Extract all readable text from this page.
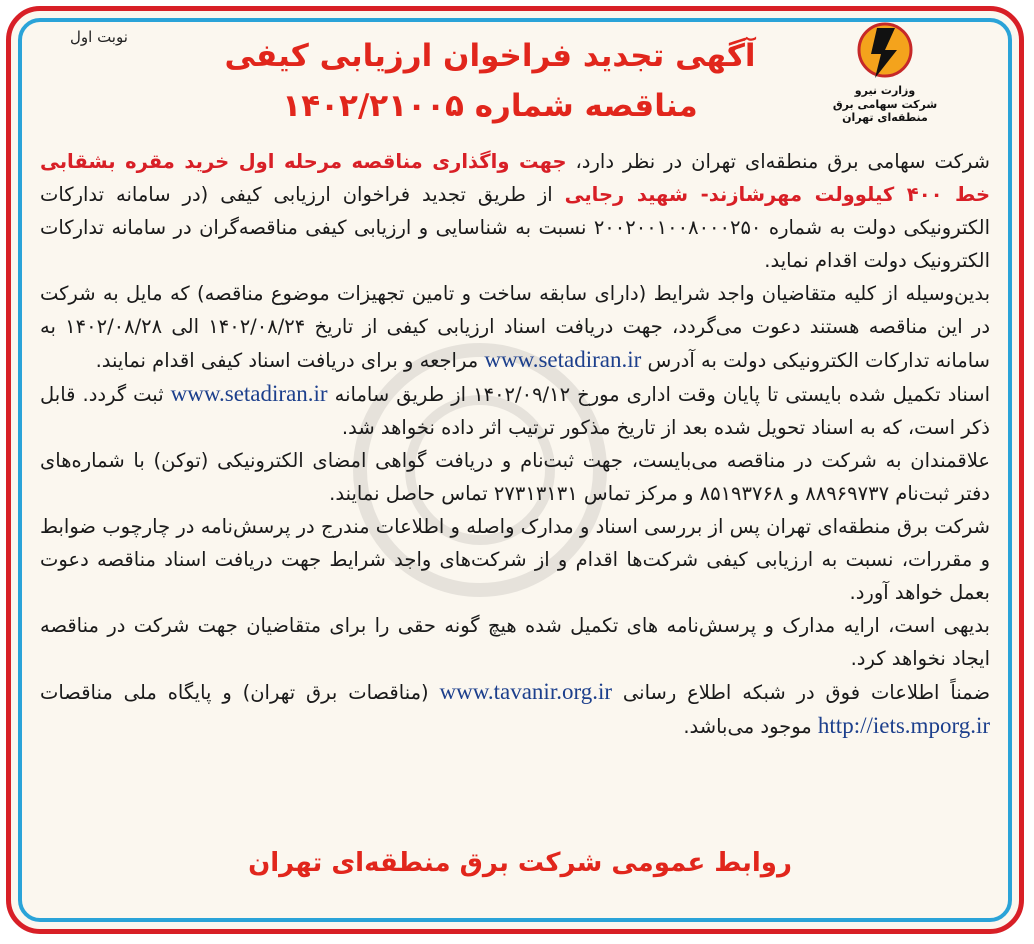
نوبت اول
آگهی تجدید فراخوان ارزیابی کیفی
مناقصه شماره ۱۴۰۲/۲۱۰۰۵	وزارت نیرو
شرکت سهامی برق منطقه‌ای تهران

شرکت سهامی برق منطقه‌ای تهران در نظر دارد، جهت واگذاری مناقصه مرحله اول خرید مقره بشقابی خط ۴۰۰ کیلوولت مهرشازند- شهید رجایی از طریق تجدید فراخوان ارزیابی کیفی (در سامانه تدارکات الکترونیکی دولت به شماره ۲۰۰۲۰۰۱۰۰۸۰۰۰۲۵۰ نسبت به شناسایی و ارزیابی کیفی مناقصه‌گران در سامانه تدارکات الکترونیک دولت اقدام نماید.

بدین‌وسیله از کلیه متقاضیان واجد شرایط (دارای سابقه ساخت و تامین تجهیزات موضوع مناقصه) که مایل به شرکت در این مناقصه هستند دعوت می‌گردد، جهت دریافت اسناد ارزیابی کیفی از تاریخ ۱۴۰۲/۰۸/۲۴ الی ۱۴۰۲/۰۸/۲۸ به سامانه تدارکات الکترونیکی دولت به آدرس www.setadiran.ir مراجعه و برای دریافت اسناد کیفی اقدام نمایند.

اسناد تکمیل شده بایستی تا پایان وقت اداری مورخ ۱۴۰۲/۰۹/۱۲ از طریق سامانه www.setadiran.ir ثبت گردد. قابل ذکر است، که به اسناد تحویل شده بعد از تاریخ مذکور ترتیب اثر داده نخواهد شد.

علاقمندان به شرکت در مناقصه می‌بایست، جهت ثبت‌نام و دریافت گواهی امضای الکترونیکی (توکن) با شماره‌های دفتر ثبت‌نام ۸۸۹۶۹۷۳۷ و ۸۵۱۹۳۷۶۸ و مرکز تماس ۲۷۳۱۳۱۳۱ تماس حاصل نمایند.

شرکت برق منطقه‌ای تهران پس از بررسی اسناد و مدارک واصله و اطلاعات مندرج در پرسش‌نامه در چارچوب ضوابط و مقررات، نسبت به ارزیابی کیفی شرکت‌ها اقدام و از شرکت‌های واجد شرایط جهت دریافت اسناد مناقصه دعوت بعمل خواهد آورد.

بدیهی است، ارایه مدارک و پرسش‌نامه های تکمیل شده هیچ گونه حقی را برای متقاضیان جهت شرکت در مناقصه ایجاد نخواهد کرد.

ضمناً اطلاعات فوق در شبکه اطلاع رسانی www.tavanir.org.ir (مناقصات برق تهران) و پایگاه ملی مناقصات http://iets.mporg.ir موجود می‌باشد.

روابط عمومی شرکت برق منطقه‌ای تهران
